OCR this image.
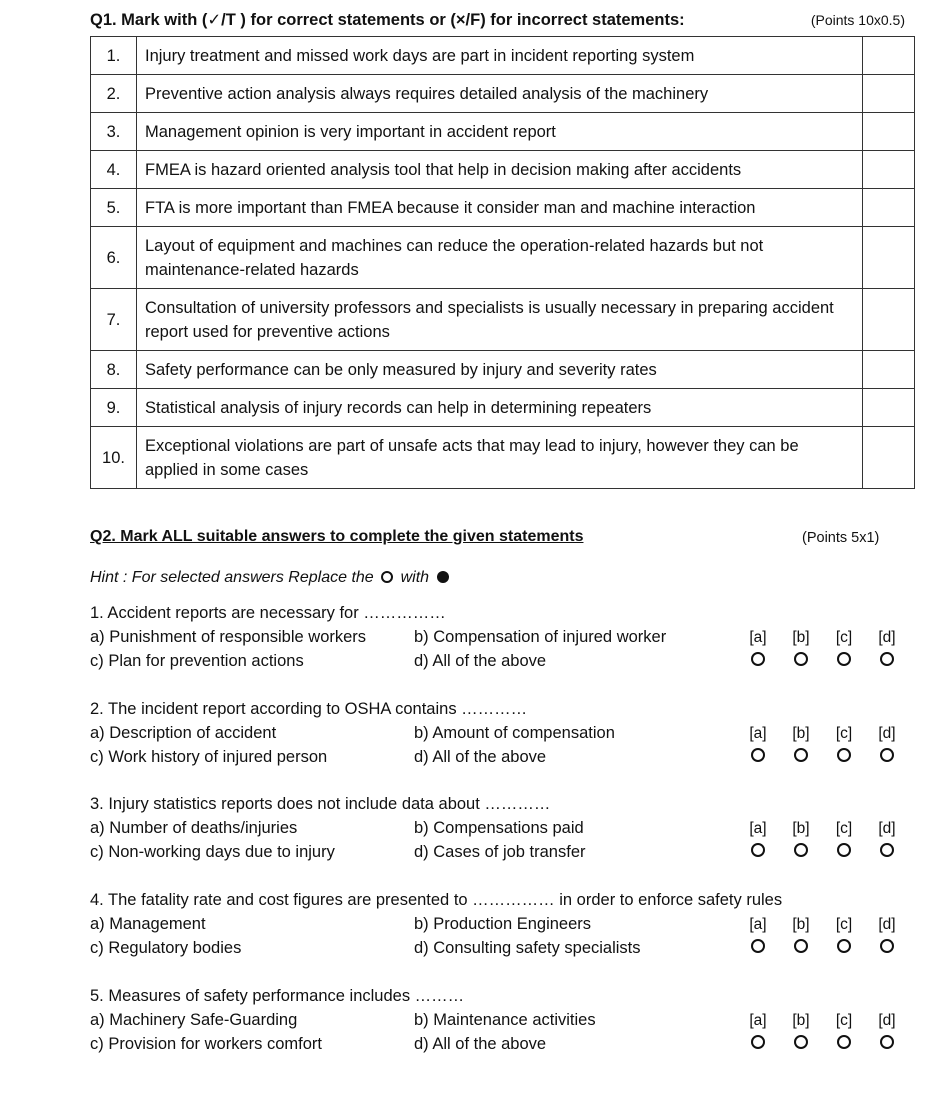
Q1. Mark with (✓/T ) for correct statements or (×/F) for incorrect statements:	(Points 10x0.5)
1.	Injury treatment and missed work days are part in incident reporting system	
2.	Preventive action analysis always requires detailed analysis of the machinery	
3.	Management opinion is very important in accident report	
4.	FMEA is hazard oriented analysis tool that help in decision making after accidents	
5.	FTA is more important than FMEA because it consider man and machine interaction	
6.	Layout of equipment and machines can reduce the operation-related hazards but not maintenance-related hazards	
7.	Consultation of university professors and specialists is usually necessary in preparing accident report used for preventive actions	
8.	Safety performance can be only measured by injury and severity rates	
9.	Statistical analysis of injury records can help in determining repeaters	
10.	Exceptional violations are part of unsafe acts that may lead to injury, however they can be applied in some cases	
Q2. Mark ALL suitable answers to complete the given statements	(Points 5x1)
Hint : For selected answers Replace the with
1. Accident reports are necessary for ……………
a) Punishment of responsible workers	b) Compensation of injured worker
c) Plan for prevention actions	d) All of the above
[a] [b]	[c]	[d]
2. The incident report according to OSHA contains …………
a) Description of accident	b) Amount of compensation
c) Work history of injured person	d) All of the above
[a] [b]	[c]	[d]
3. Injury statistics reports does not include data about …………
a) Number of deaths/injuries	b) Compensations paid
c) Non-working days due to injury	d) Cases of job transfer
[a] [b]	[c]	[d]
4. The fatality rate and cost figures are presented to …………… in order to enforce safety rules
a) Management	b) Production Engineers
c) Regulatory bodies	d) Consulting safety specialists
[a] [b]	[c]	[d]
5. Measures of safety performance includes ………
a) Machinery Safe-Guarding	b) Maintenance activities
c) Provision for workers comfort	d) All of the above
[a] [b]	[c]	[d]
